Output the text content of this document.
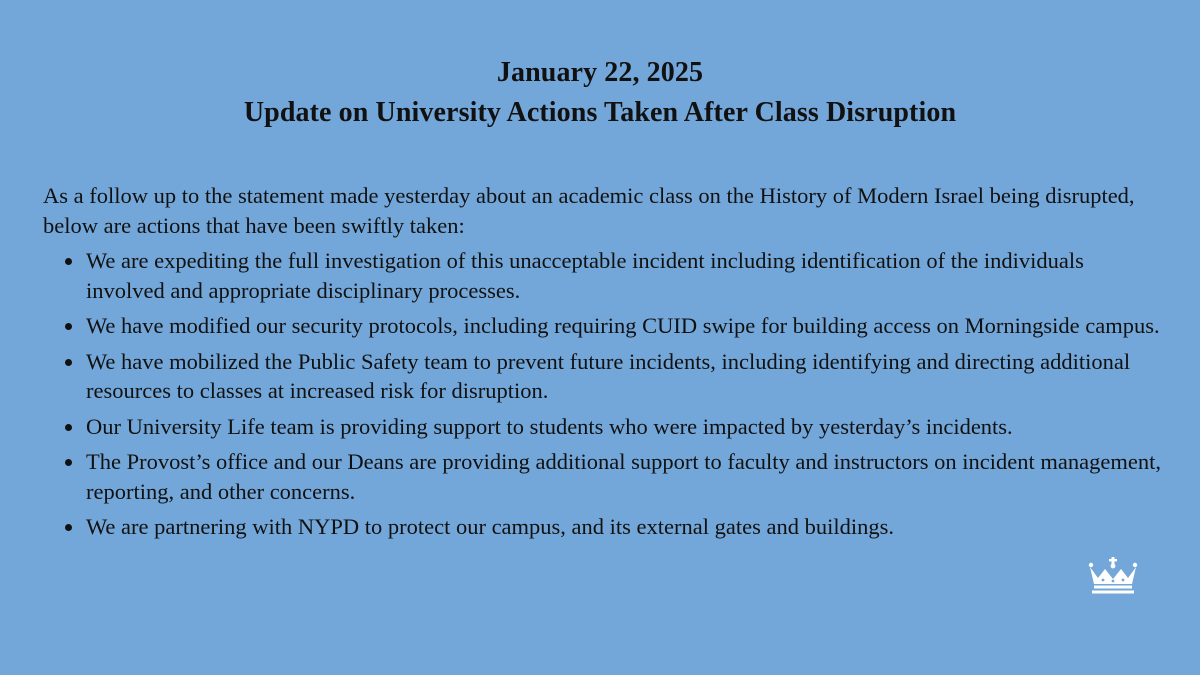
January 22, 2025
Update on University Actions Taken After Class Disruption

As a follow up to the statement made yesterday about an academic class on the History of Modern Israel being disrupted, below are actions that have been swiftly taken:

We are expediting the full investigation of this unacceptable incident including identification of the individuals involved and appropriate disciplinary processes.
We have modified our security protocols, including requiring CUID swipe for building access on Morningside campus.
We have mobilized the Public Safety team to prevent future incidents, including identifying and directing additional resources to classes at increased risk for disruption.
Our University Life team is providing support to students who were impacted by yesterday’s incidents.
The Provost’s office and our Deans are providing additional support to faculty and instructors on incident management, reporting, and other concerns.
We are partnering with NYPD to protect our campus, and its external gates and buildings.
